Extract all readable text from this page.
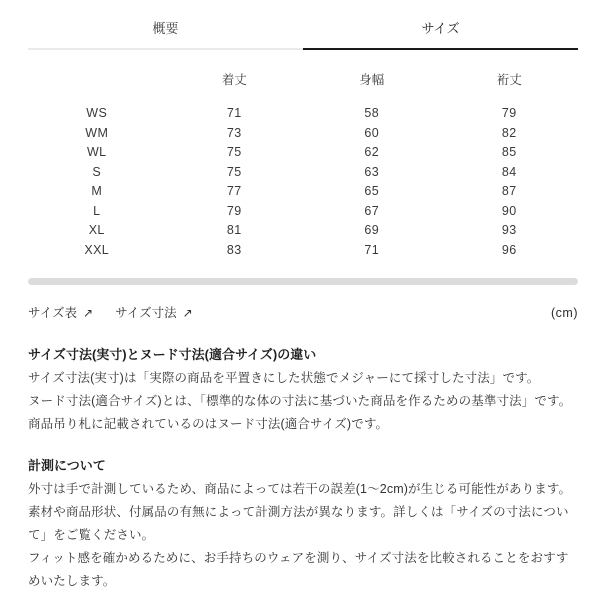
概要	サイズ
	着丈	身幅	裄丈
WS	71	58	79
WM	73	60	82
WL	75	62	85
S	75	63	84
M	77	65	87
L	79	67	90
XL	81	69	93
XXL	83	71	96
サイズ表 ↗ サイズ寸法 ↗	(cm)
サイズ寸法(実寸)とヌード寸法(適合サイズ)の違い

サイズ寸法(実寸)は「実際の商品を平置きにした状態でメジャーにて採寸した寸法」です。

ヌード寸法(適合サイズ)とは、「標準的な体の寸法に基づいた商品を作るための基準寸法」です。

商品吊り札に記載されているのはヌード寸法(適合サイズ)です。

計測について

外寸は手で計測しているため、商品によっては若干の誤差(1〜2cm)が生じる可能性があります。

素材や商品形状、付属品の有無によって計測方法が異なります。詳しくは「サイズの寸法について」をご覧ください。

フィット感を確かめるために、お手持ちのウェアを測り、サイズ寸法を比較されることをおすすめいたします。
